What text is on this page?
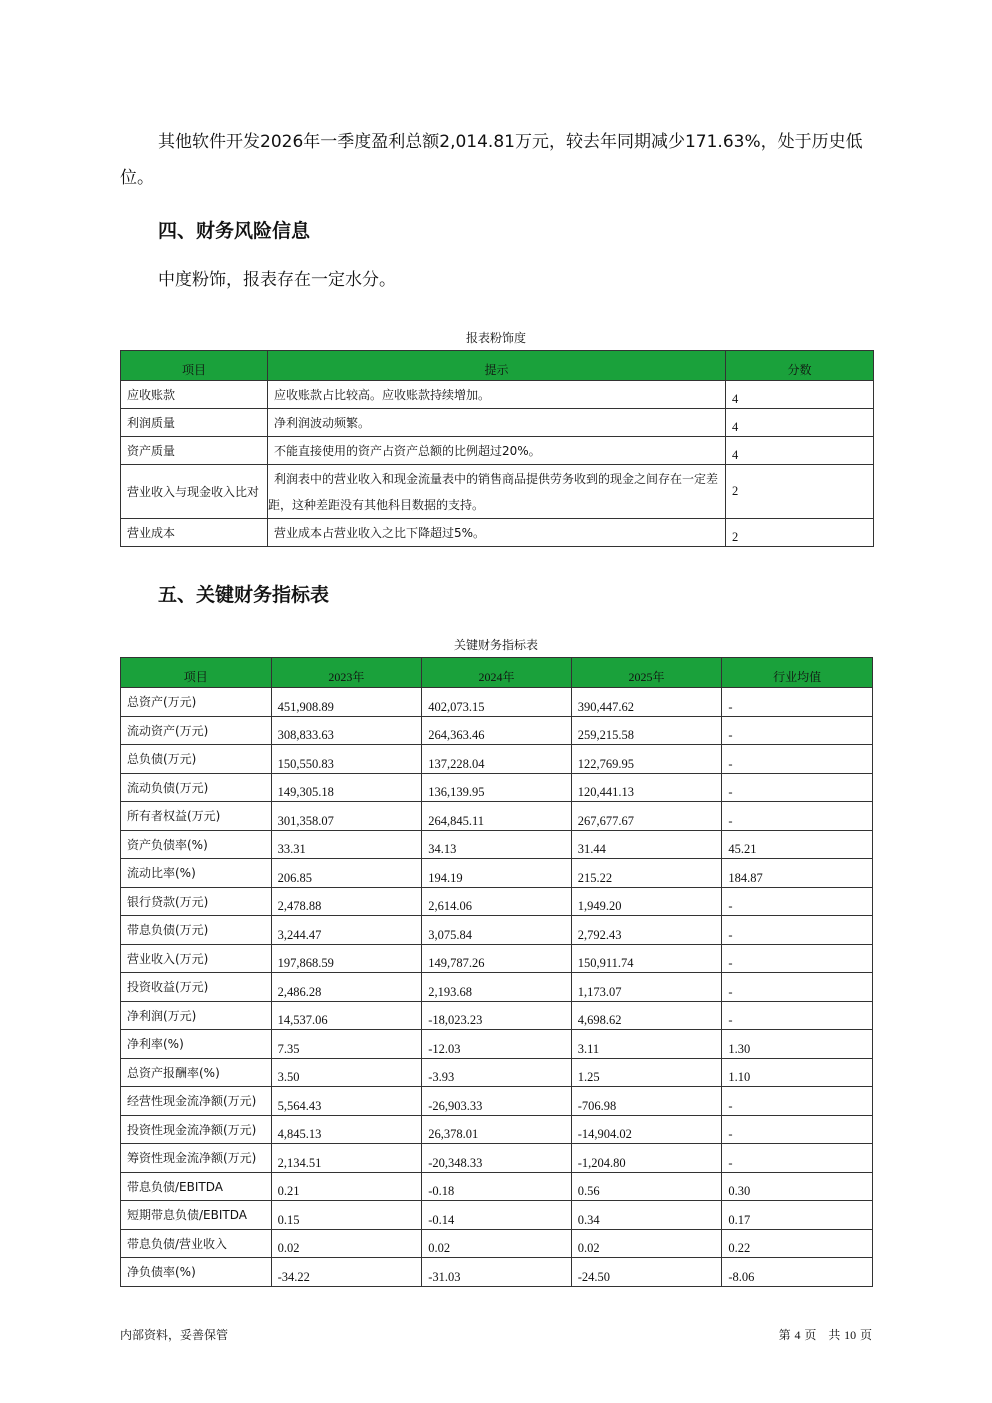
其他软件开发2026年一季度盈利总额2,014.81万元，较去年同期减少171.63%，处于历史低位。

四、财务风险信息

中度粉饰，报表存在一定水分。

报表粉饰度

项目	提示	分数
应收账款	应收账款占比较高。应收账款持续增加。	4
利润质量	净利润波动频繁。	4
资产质量	不能直接使用的资产占资产总额的比例超过20%。	4
营业收入与现金收入比对	利润表中的营业收入和现金流量表中的销售商品提供劳务收到的现金之间存在一定差距，这种差距没有其他科目数据的支持。	2
营业成本	营业成本占营业收入之比下降超过5%。	2
五、关键财务指标表

关键财务指标表

项目	2023年	2024年	2025年	行业均值
总资产(万元)	451,908.89	402,073.15	390,447.62	-
流动资产(万元)	308,833.63	264,363.46	259,215.58	-
总负债(万元)	150,550.83	137,228.04	122,769.95	-
流动负债(万元)	149,305.18	136,139.95	120,441.13	-
所有者权益(万元)	301,358.07	264,845.11	267,677.67	-
资产负债率(%)	33.31	34.13	31.44	45.21
流动比率(%)	206.85	194.19	215.22	184.87
银行贷款(万元)	2,478.88	2,614.06	1,949.20	-
带息负债(万元)	3,244.47	3,075.84	2,792.43	-
营业收入(万元)	197,868.59	149,787.26	150,911.74	-
投资收益(万元)	2,486.28	2,193.68	1,173.07	-
净利润(万元)	14,537.06	-18,023.23	4,698.62	-
净利率(%)	7.35	-12.03	3.11	1.30
总资产报酬率(%)	3.50	-3.93	1.25	1.10
经营性现金流净额(万元)	5,564.43	-26,903.33	-706.98	-
投资性现金流净额(万元)	4,845.13	26,378.01	-14,904.02	-
筹资性现金流净额(万元)	2,134.51	-20,348.33	-1,204.80	-
带息负债/EBITDA	0.21	-0.18	0.56	0.30
短期带息负债/EBITDA	0.15	-0.14	0.34	0.17
带息负债/营业收入	0.02	0.02	0.02	0.22
净负债率(%)	-34.22	-31.03	-24.50	-8.06

内部资料，妥善保管	第 4 页　共 10 页
